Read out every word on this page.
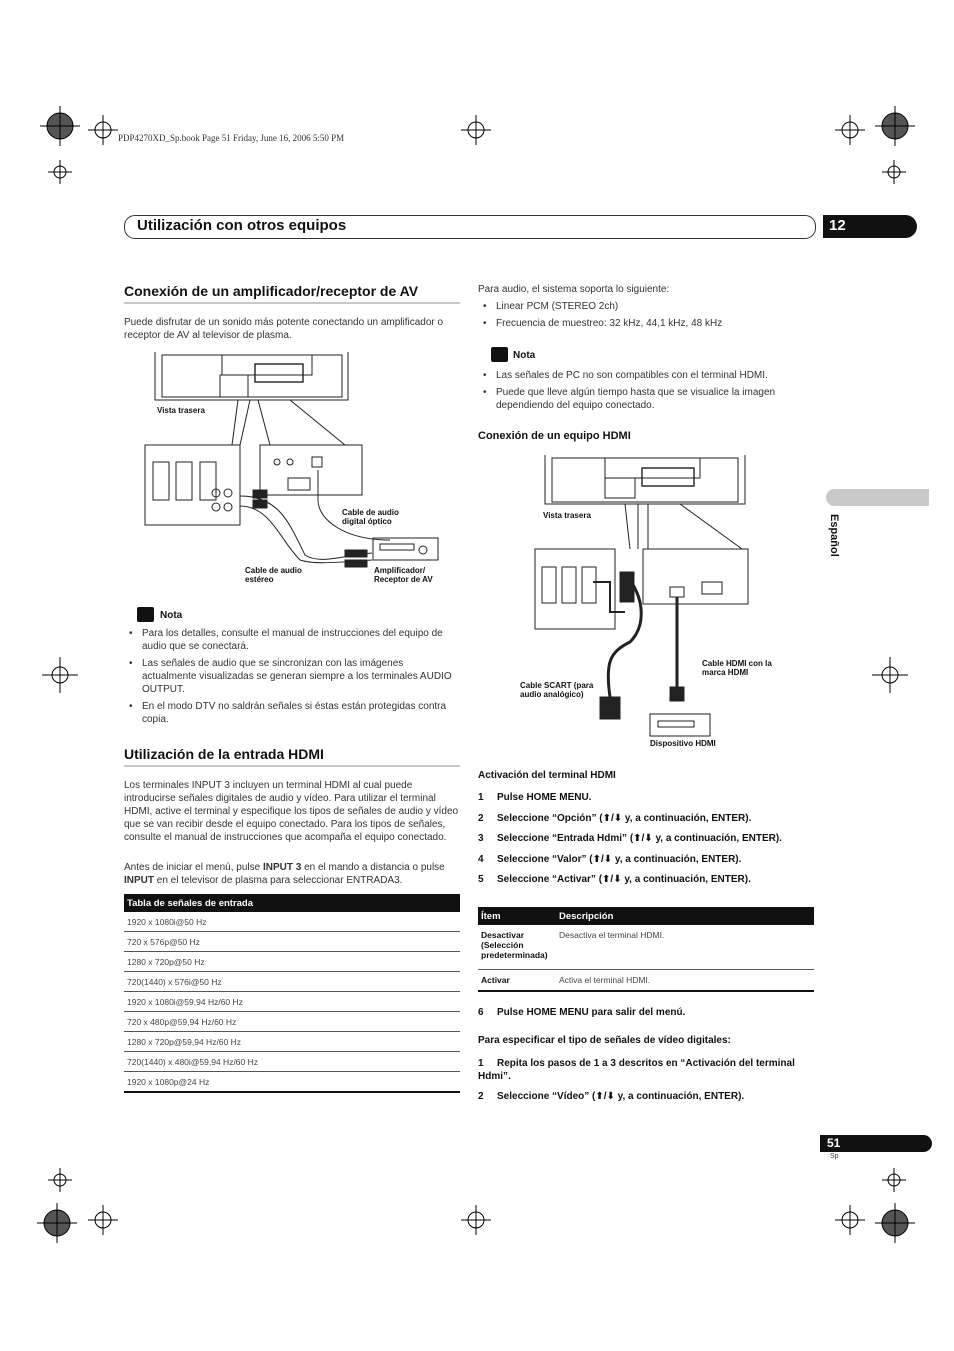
PDP4270XD_Sp.book Page 51 Friday, June 16, 2006 5:50 PM
Utilización con otros equipos	12
Español
Conexión de un amplificador/receptor de AV
Puede disfrutar de un sonido más potente conectando un amplificador o receptor de AV al televisor de plasma.
Vista trasera
Cable de audio digital óptico
Cable de audio estéreo
Amplificador/ Receptor de AV
Nota
• Para los detalles, consulte el manual de instrucciones del equipo de audio que se conectará.
• Las señales de audio que se sincronizan con las imágenes actualmente visualizadas se generan siempre a los terminales AUDIO OUTPUT.
• En el modo DTV no saldrán señales si éstas están protegidas contra copia.
Utilización de la entrada HDMI
Los terminales INPUT 3 incluyen un terminal HDMI al cual puede introducirse señales digitales de audio y vídeo. Para utilizar el terminal HDMI, active el terminal y especifique los tipos de señales de audio y vídeo que se van recibir desde el equipo conectado. Para los tipos de señales, consulte el manual de instrucciones que acompaña el equipo conectado.
Antes de iniciar el menú, pulse INPUT 3 en el mando a distancia o pulse INPUT en el televisor de plasma para seleccionar ENTRADA3.
Tabla de señales de entrada
1920 x 1080i@50 Hz
720 x 576p@50 Hz
1280 x 720p@50 Hz
720(1440) x 576i@50 Hz
1920 x 1080i@59,94 Hz/60 Hz
720 x 480p@59,94 Hz/60 Hz
1280 x 720p@59,94 Hz/60 Hz
720(1440) x 480i@59,94 Hz/60 Hz
1920 x 1080p@24 Hz
Para audio, el sistema soporta lo siguiente:
• Linear PCM (STEREO 2ch)
• Frecuencia de muestreo: 32 kHz, 44,1 kHz, 48 kHz
Nota
• Las señales de PC no son compatibles con el terminal HDMI.
• Puede que lleve algún tiempo hasta que se visualice la imagen dependiendo del equipo conectado.
Conexión de un equipo HDMI
Vista trasera
Cable HDMI con la marca HDMI
Cable SCART (para audio analógico)
Dispositivo HDMI
Activación del terminal HDMI
1 Pulse HOME MENU.
2 Seleccione “Opción” (⬆/⬇ y, a continuación, ENTER).
3 Seleccione “Entrada Hdmi” (⬆/⬇ y, a continuación, ENTER).
4 Seleccione “Valor” (⬆/⬇ y, a continuación, ENTER).
5 Seleccione “Activar” (⬆/⬇ y, a continuación, ENTER).
Ítem	Descripción
Desactivar (Selección predeterminada)	Desactiva el terminal HDMI.
Activar	Activa el terminal HDMI.
6 Pulse HOME MENU para salir del menú.
Para especificar el tipo de señales de vídeo digitales:
1 Repita los pasos de 1 a 3 descritos en “Activación del terminal Hdmi”.
2 Seleccione “Vídeo” (⬆/⬇ y, a continuación, ENTER).
51
Sp
